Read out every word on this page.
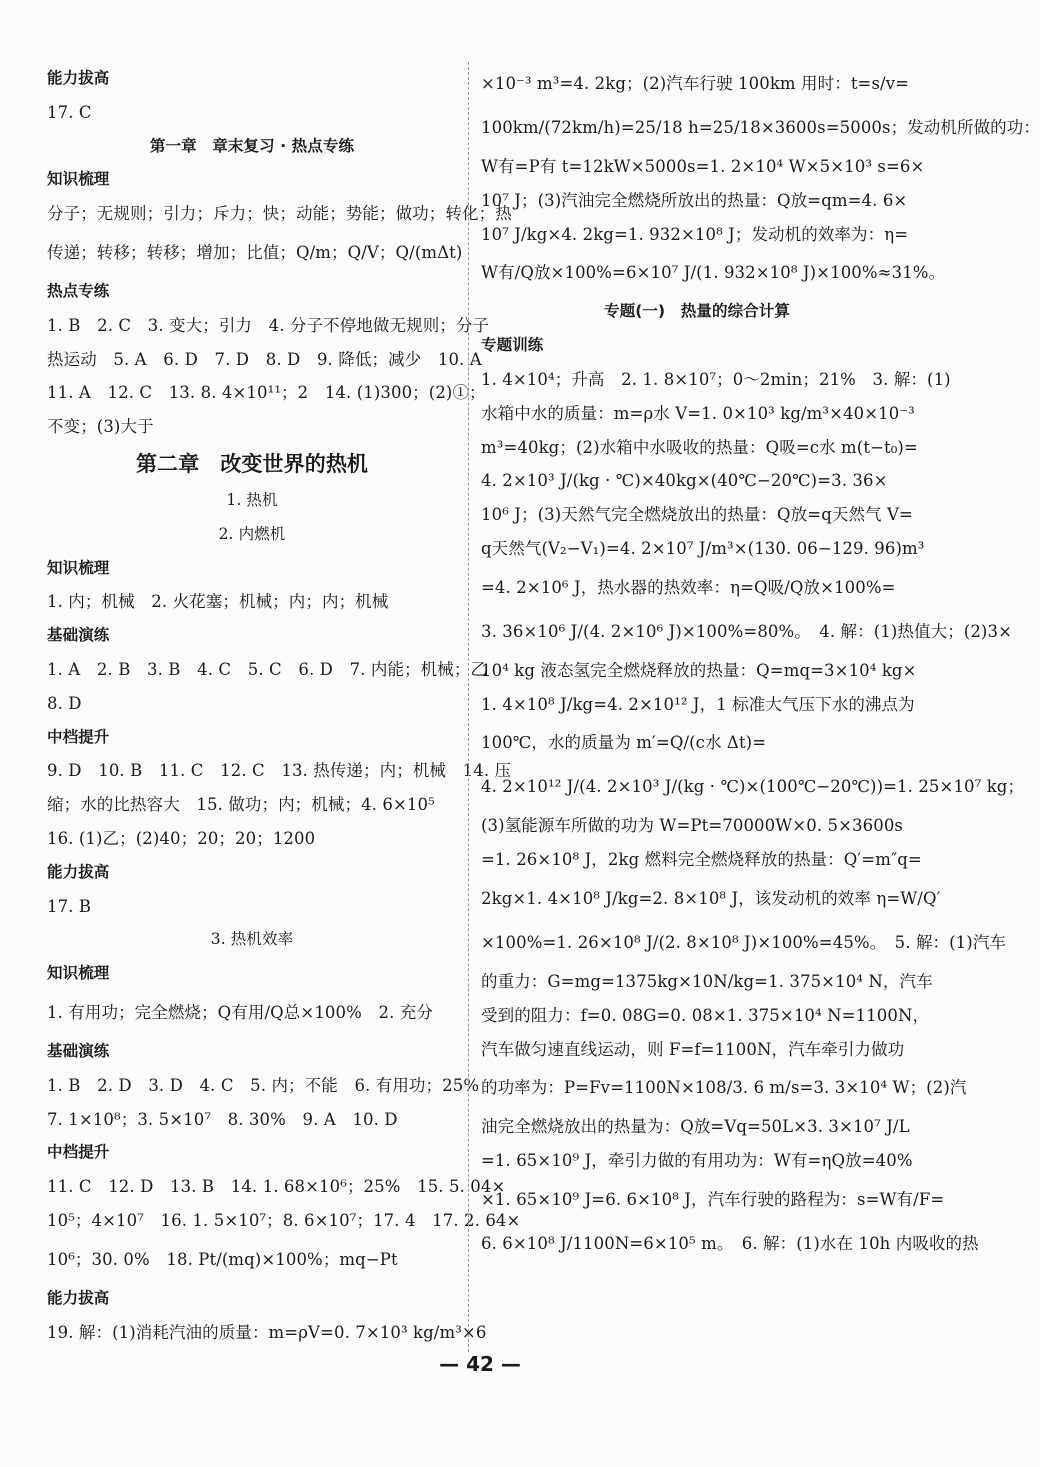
能力拔高
17. C
第一章　章末复习 · 热点专练
知识梳理
分子；无规则；引力；斥力；快；动能；势能；做功；转化；热
传递；转移；转移；增加；比值；Q/m；Q/V；Q/(mΔt)
热点专练
1. B　2. C　3. 变大；引力　4. 分子不停地做无规则；分子
热运动　5. A　6. D　7. D　8. D　9. 降低；减少　10. A
11. A　12. C　13. 8. 4×10¹¹；2　14. (1)300；(2)①；
不变；(3)大于
第二章　改变世界的热机
1. 热机
2. 内燃机
知识梳理
1. 内；机械　2. 火花塞；机械；内；内；机械
基础演练
1. A　2. B　3. B　4. C　5. C　6. D　7. 内能；机械；乙
8. D
中档提升
9. D　10. B　11. C　12. C　13. 热传递；内；机械　14. 压
缩；水的比热容大　15. 做功；内；机械；4. 6×10⁵
16. (1)乙；(2)40；20；20；1200
能力拔高
17. B
3. 热机效率
知识梳理
1. 有用功；完全燃烧；Q有用/Q总×100%　2. 充分
基础演练
1. B　2. D　3. D　4. C　5. 内；不能　6. 有用功；25%
7. 1×10⁸；3. 5×10⁷　8. 30%　9. A　10. D
中档提升
11. C　12. D　13. B　14. 1. 68×10⁶；25%　15. 5. 04×
10⁵；4×10⁷　16. 1. 5×10⁷；8. 6×10⁷；17. 4　17. 2. 64×
10⁶；30. 0%　18. Pt/(mq)×100%；mq−Pt
能力拔高
19. 解：(1)消耗汽油的质量：m=ρV=0. 7×10³ kg/m³×6
×10⁻³ m³=4. 2kg；(2)汽车行驶 100km 用时：t=s/v=
100km/(72km/h)=25/18 h=25/18×3600s=5000s；发动机所做的功：
W有=P有 t=12kW×5000s=1. 2×10⁴ W×5×10³ s=6×
10⁷ J；(3)汽油完全燃烧所放出的热量：Q放=qm=4. 6×
10⁷ J/kg×4. 2kg=1. 932×10⁸ J；发动机的效率为：η=
W有/Q放×100%=6×10⁷ J/(1. 932×10⁸ J)×100%≈31%。
专题(一)　热量的综合计算
专题训练
1. 4×10⁴；升高　2. 1. 8×10⁷；0～2min；21%　3. 解：(1)
水箱中水的质量：m=ρ水 V=1. 0×10³ kg/m³×40×10⁻³
m³=40kg；(2)水箱中水吸收的热量：Q吸=c水 m(t−t₀)=
4. 2×10³ J/(kg · ℃)×40kg×(40℃−20℃)=3. 36×
10⁶ J；(3)天然气完全燃烧放出的热量：Q放=q天然气 V=
q天然气(V₂−V₁)=4. 2×10⁷ J/m³×(130. 06−129. 96)m³
=4. 2×10⁶ J，热水器的热效率：η=Q吸/Q放×100%=
3. 36×10⁶ J/(4. 2×10⁶ J)×100%=80%。　4. 解：(1)热值大；(2)3×
10⁴ kg 液态氢完全燃烧释放的热量：Q=mq=3×10⁴ kg×
1. 4×10⁸ J/kg=4. 2×10¹² J，1 标准大气压下水的沸点为
100℃，水的质量为 m′=Q/(c水 Δt)=
4. 2×10¹² J/(4. 2×10³ J/(kg · ℃)×(100℃−20℃))=1. 25×10⁷ kg；
(3)氢能源车所做的功为 W=Pt=70000W×0. 5×3600s
=1. 26×10⁸ J，2kg 燃料完全燃烧释放的热量：Q′=m″q=
2kg×1. 4×10⁸ J/kg=2. 8×10⁸ J，该发动机的效率 η=W/Q′
×100%=1. 26×10⁸ J/(2. 8×10⁸ J)×100%=45%。　5. 解：(1)汽车
的重力：G=mg=1375kg×10N/kg=1. 375×10⁴ N，汽车
受到的阻力：f=0. 08G=0. 08×1. 375×10⁴ N=1100N，
汽车做匀速直线运动，则 F=f=1100N，汽车牵引力做功
的功率为：P=Fv=1100N×108/3. 6 m/s=3. 3×10⁴ W；(2)汽
油完全燃烧放出的热量为：Q放=Vq=50L×3. 3×10⁷ J/L
=1. 65×10⁹ J，牵引力做的有用功为：W有=ηQ放=40%
×1. 65×10⁹ J=6. 6×10⁸ J，汽车行驶的路程为：s=W有/F=
6. 6×10⁸ J/1100N=6×10⁵ m。　6. 解：(1)水在 10h 内吸收的热
— 42 —
